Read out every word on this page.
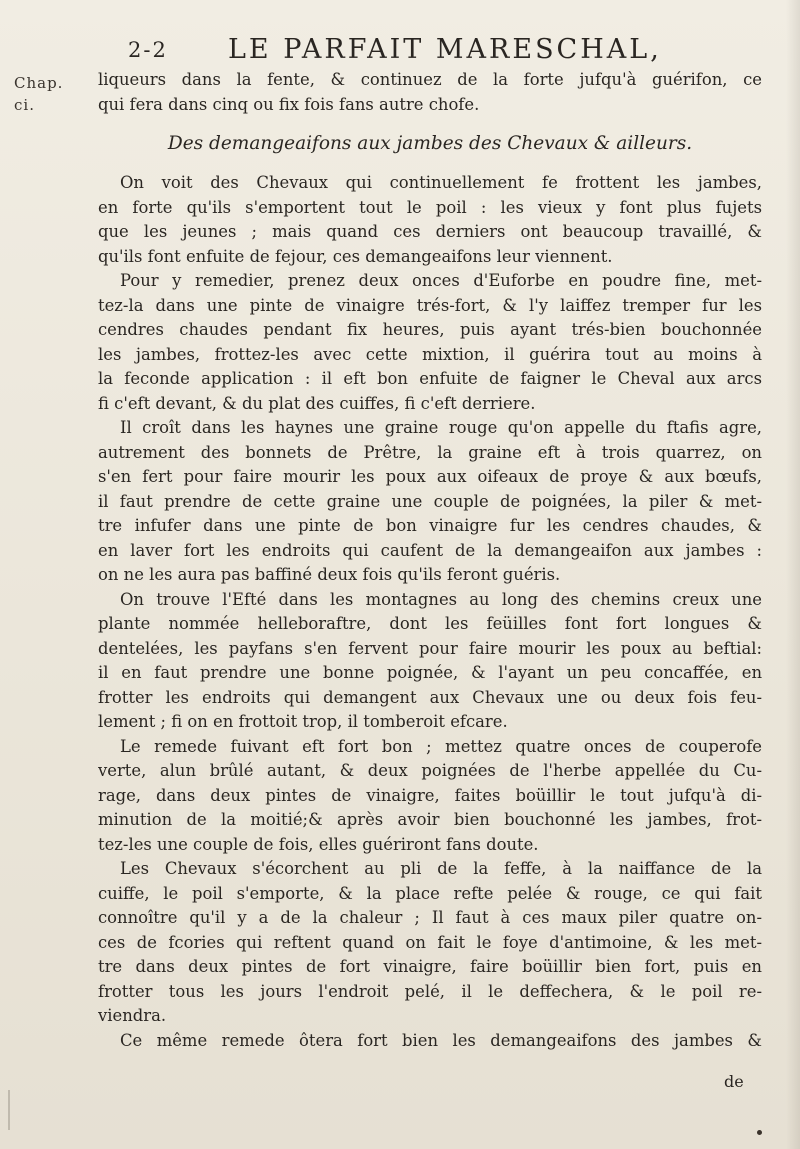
2-2 LE PARFAIT MARESCHAL,
Chap. ci.
liqueurs dans la fente, & continuez de la forte jufqu'à guérifon, ce
qui fera dans cinq ou fix fois fans autre chofe.
Des demangeaifons aux jambes des Chevaux & ailleurs.
On voit des Chevaux qui continuellement fe frottent les jambes,
en forte qu'ils s'emportent tout le poil : les vieux y font plus fujets
que les jeunes ; mais quand ces derniers ont beaucoup travaillé, &
qu'ils font enfuite de fejour, ces demangeaifons leur viennent.
Pour y remedier, prenez deux onces d'Euforbe en poudre fine, met-
tez-la dans une pinte de vinaigre trés-fort, & l'y laiffez tremper fur les
cendres chaudes pendant fix heures, puis ayant trés-bien bouchonnée
les jambes, frottez-les avec cette mixtion, il guérira tout au moins à
la feconde application : il eft bon enfuite de faigner le Cheval aux arcs
fi c'eft devant, & du plat des cuiffes, fi c'eft derriere.
Il croît dans les haynes une graine rouge qu'on appelle du ftafis agre,
autrement des bonnets de Prêtre, la graine eft à trois quarrez, on
s'en fert pour faire mourir les poux aux oifeaux de proye & aux bœufs,
il faut prendre de cette graine une couple de poignées, la piler & met-
tre infufer dans une pinte de bon vinaigre fur les cendres chaudes, &
en laver fort les endroits qui caufent de la demangeaifon aux jambes :
on ne les aura pas baffiné deux fois qu'ils feront guéris.
On trouve l'Efté dans les montagnes au long des chemins creux une
plante nommée helleboraftre, dont les feüilles font fort longues &
dentelées, les payfans s'en fervent pour faire mourir les poux au beftial:
il en faut prendre une bonne poignée, & l'ayant un peu concaffée, en
frotter les endroits qui demangent aux Chevaux une ou deux fois feu-
lement ; fi on en frottoit trop, il tomberoit efcare.
Le remede fuivant eft fort bon ; mettez quatre onces de couperofe
verte, alun brûlé autant, & deux poignées de l'herbe appellée du Cu-
rage, dans deux pintes de vinaigre, faites boüillir le tout jufqu'à di-
minution de la moitié;& après avoir bien bouchonné les jambes, frot-
tez-les une couple de fois, elles guériront fans doute.
Les Chevaux s'écorchent au pli de la feffe, à la naiffance de la
cuiffe, le poil s'emporte, & la place refte pelée & rouge, ce qui fait
connoître qu'il y a de la chaleur ; Il faut à ces maux piler quatre on-
ces de fcories qui reftent quand on fait le foye d'antimoine, & les met-
tre dans deux pintes de fort vinaigre, faire boüillir bien fort, puis en
frotter tous les jours l'endroit pelé, il le deffechera, & le poil re-
viendra.
Ce même remede ôtera fort bien les demangeaifons des jambes &
de
